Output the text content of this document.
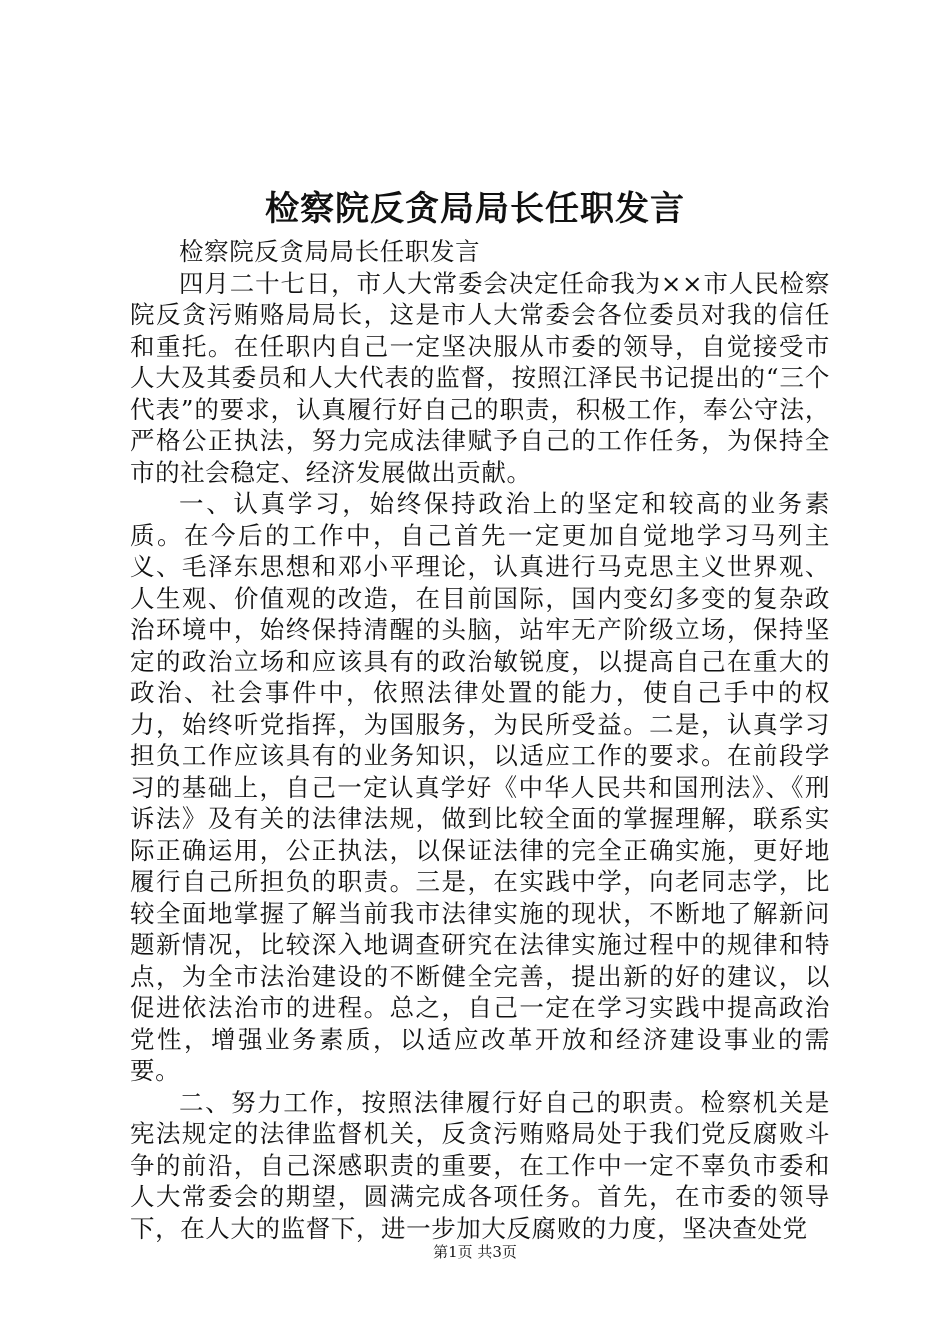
检察院反贪局局长任职发言

检察院反贪局局长任职发言

四月二十七日，市人大常委会决定任命我为××市人民检察院反贪污贿赂局局长，这是市人大常委会各位委员对我的信任和重托。在任职内自己一定坚决服从市委的领导，自觉接受市人大及其委员和人大代表的监督，按照江泽民书记提出的“三个代表”的要求，认真履行好自己的职责，积极工作，奉公守法，严格公正执法，努力完成法律赋予自己的工作任务，为保持全市的社会稳定、经济发展做出贡献。

一、认真学习，始终保持政治上的坚定和较高的业务素质。在今后的工作中，自己首先一定更加自觉地学习马列主义、毛泽东思想和邓小平理论，认真进行马克思主义世界观、人生观、价值观的改造，在目前国际，国内变幻多变的复杂政治环境中，始终保持清醒的头脑，站牢无产阶级立场，保持坚定的政治立场和应该具有的政治敏锐度，以提高自己在重大的政治、社会事件中，依照法律处置的能力，使自己手中的权力，始终听党指挥，为国服务，为民所受益。二是，认真学习担负工作应该具有的业务知识，以适应工作的要求。在前段学习的基础上，自己一定认真学好《中华人民共和国刑法》、《刑诉法》及有关的法律法规，做到比较全面的掌握理解，联系实际正确运用，公正执法，以保证法律的完全正确实施，更好地履行自己所担负的职责。三是，在实践中学，向老同志学，比较全面地掌握了解当前我市法律实施的现状，不断地了解新问题新情况，比较深入地调查研究在法律实施过程中的规律和特点，为全市法治建设的不断健全完善，提出新的好的建议，以促进依法治市的进程。总之，自己一定在学习实践中提高政治党性，增强业务素质，以适应改革开放和经济建设事业的需要。

二、努力工作，按照法律履行好自己的职责。检察机关是宪法规定的法律监督机关，反贪污贿赂局处于我们党反腐败斗争的前沿，自己深感职责的重要，在工作中一定不辜负市委和人大常委会的期望，圆满完成各项任务。首先，在市委的领导下，在人大的监督下，进一步加大反腐败的力度，坚决查处党

第1页 共3页
